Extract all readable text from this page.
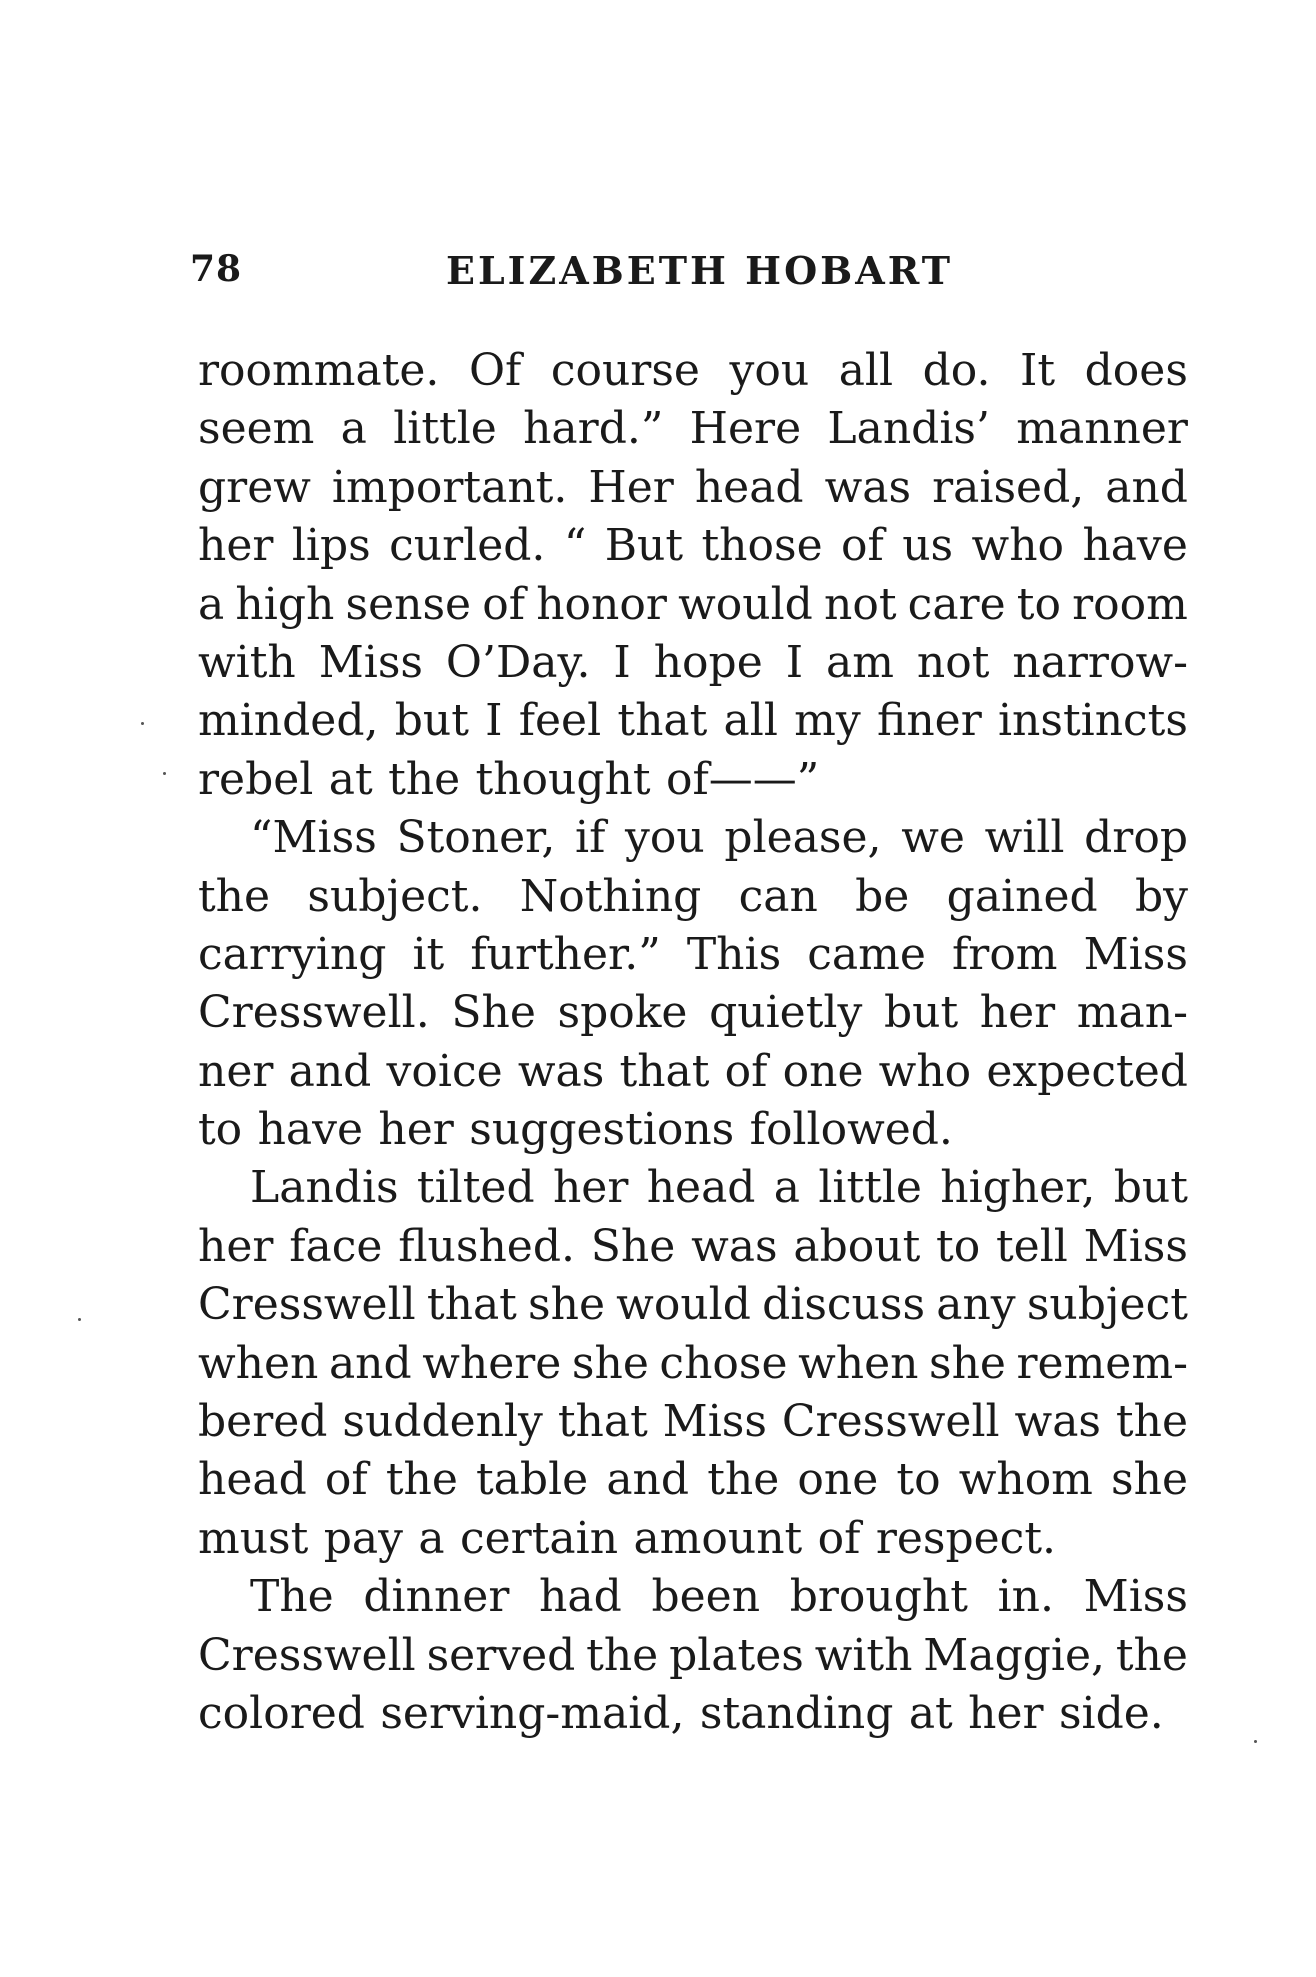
78	ELIZABETH HOBART
roommate. Of course you all do. It does
seem a little hard.” Here Landis’ manner
grew important. Her head was raised, and
her lips curled. “ But those of us who have
a high sense of honor would not care to room
with Miss O’Day. I hope I am not narrow-
minded, but I feel that all my finer instincts
rebel at the thought of——”
“Miss Stoner, if you please, we will drop
the subject. Nothing can be gained by
carrying it further.” This came from Miss
Cresswell. She spoke quietly but her man-
ner and voice was that of one who expected
to have her suggestions followed.
Landis tilted her head a little higher, but
her face flushed. She was about to tell Miss
Cresswell that she would discuss any subject
when and where she chose when she remem-
bered suddenly that Miss Cresswell was the
head of the table and the one to whom she
must pay a certain amount of respect.
The dinner had been brought in. Miss
Cresswell served the plates with Maggie, the
colored serving-maid, standing at her side.
